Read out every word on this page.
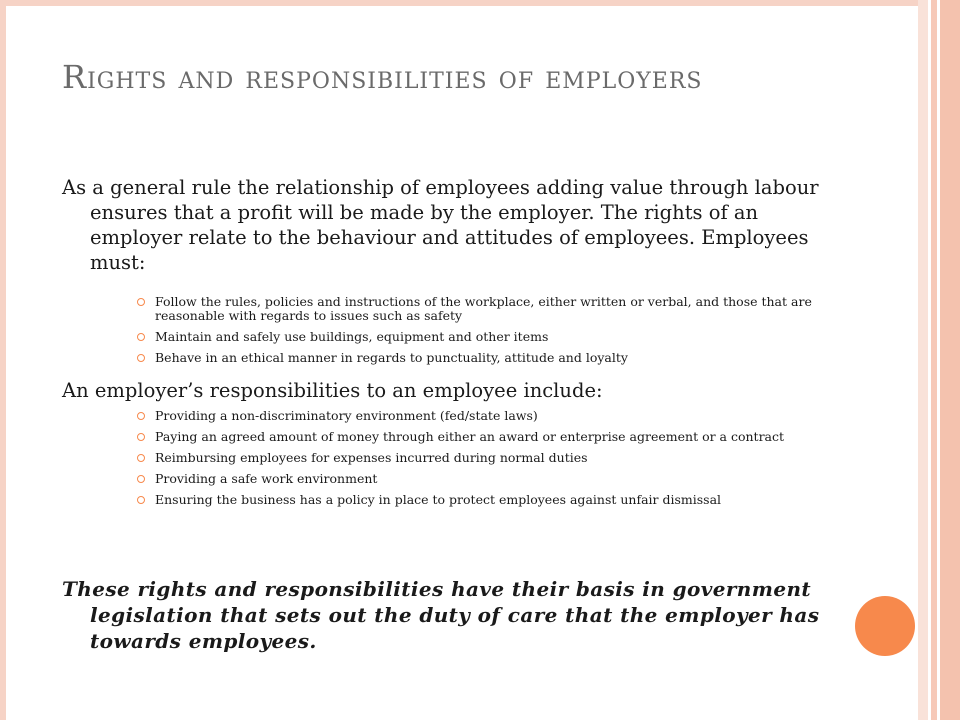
Rights and responsibilities of employers
As a general rule the relationship of employees adding value through labour ensures that a profit will be made by the employer. The rights of an employer relate to the behaviour and attitudes of employees. Employees must:
Follow the rules, policies and instructions of the workplace, either written or verbal, and those that are reasonable with regards to issues such as safety
Maintain and safely use buildings, equipment and other items
Behave in an ethical manner in regards to punctuality, attitude and loyalty
An employer’s responsibilities to an employee include:
Providing a non-discriminatory environment (fed/state laws)
Paying an agreed amount of money through either an award or enterprise agreement or a contract
Reimbursing employees for expenses incurred during normal duties
Providing a safe work environment
Ensuring the business has a policy in place to protect employees against unfair dismissal
These rights and responsibilities have their basis in government legislation that sets out the duty of care that the employer has towards employees.
